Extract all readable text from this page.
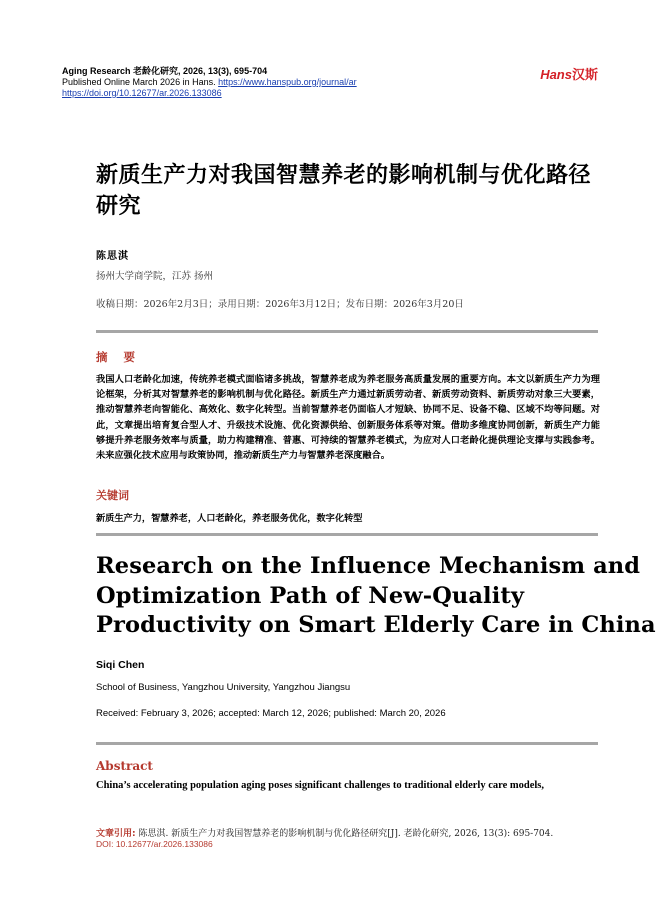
Aging Research 老龄化研究, 2026, 13(3), 695-704
Published Online March 2026 in Hans. https://www.hanspub.org/journal/ar
https://doi.org/10.12677/ar.2026.133086
Hans汉斯
新质生产力对我国智慧养老的影响机制与优化路径研究
陈思淇
扬州大学商学院，江苏 扬州
收稿日期：2026年2月3日；录用日期：2026年3月12日；发布日期：2026年3月20日
摘 要
我国人口老龄化加速，传统养老模式面临诸多挑战，智慧养老成为养老服务高质量发展的重要方向。本文以新质生产力为理论框架，分析其对智慧养老的影响机制与优化路径。新质生产力通过新质劳动者、新质劳动资料、新质劳动对象三大要素，推动智慧养老向智能化、高效化、数字化转型。当前智慧养老仍面临人才短缺、协同不足、设备不稳、区域不均等问题。对此，文章提出培育复合型人才、升级技术设施、优化资源供给、创新服务体系等对策。借助多维度协同创新，新质生产力能够提升养老服务效率与质量，助力构建精准、普惠、可持续的智慧养老模式，为应对人口老龄化提供理论支撑与实践参考。未来应强化技术应用与政策协同，推动新质生产力与智慧养老深度融合。
关键词
新质生产力，智慧养老，人口老龄化，养老服务优化，数字化转型
Research on the Influence Mechanism and
Optimization Path of New-Quality
Productivity on Smart Elderly Care in China
Siqi Chen
School of Business, Yangzhou University, Yangzhou Jiangsu
Received: February 3, 2026; accepted: March 12, 2026; published: March 20, 2026
Abstract
China’s accelerating population aging poses significant challenges to traditional elderly care models,
文章引用: 陈思淇. 新质生产力对我国智慧养老的影响机制与优化路径研究[J]. 老龄化研究, 2026, 13(3): 695-704.
DOI: 10.12677/ar.2026.133086
